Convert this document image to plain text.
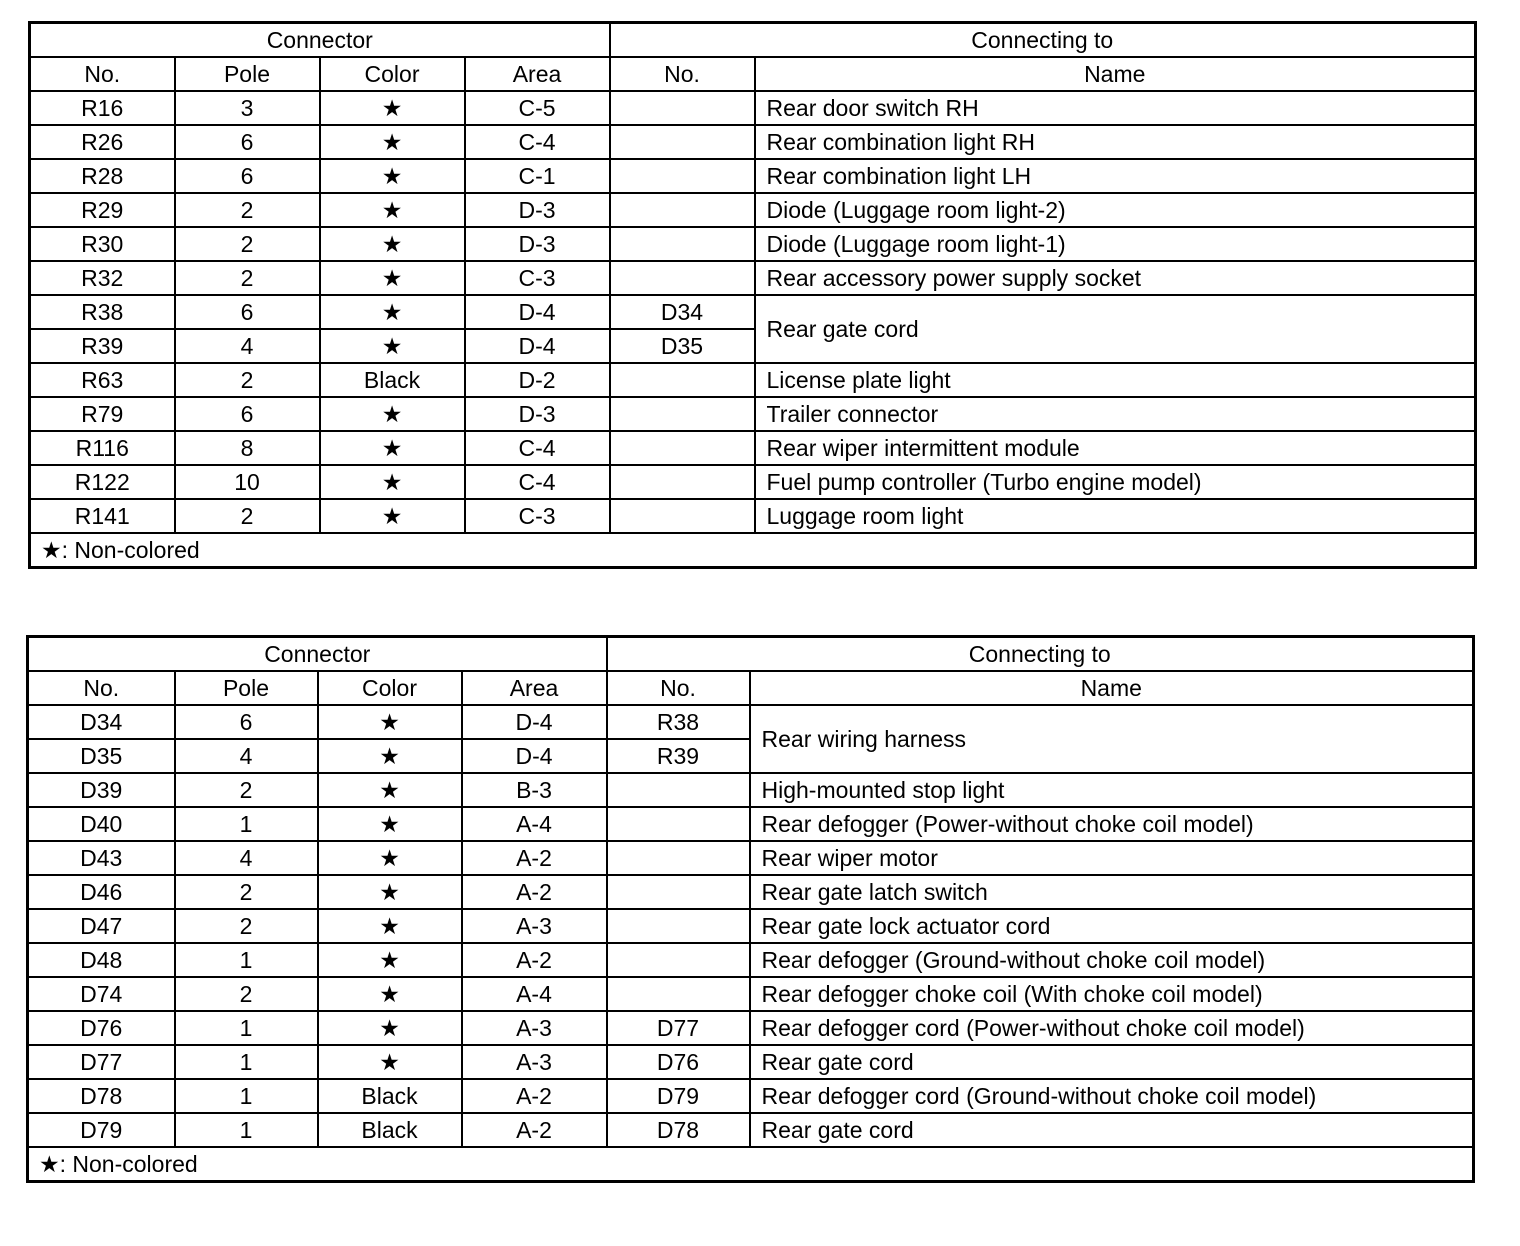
Connector				Connecting to	
No.	Pole	Color	Area	No.	Name
R16	3	★	C-5		Rear door switch RH
R26	6	★	C-4		Rear combination light RH
R28	6	★	C-1		Rear combination light LH
R29	2	★	D-3		Diode (Luggage room light-2)
R30	2	★	D-3		Diode (Luggage room light-1)
R32	2	★	C-3		Rear accessory power supply socket
R38	6	★	D-4	D34	Rear gate cord
R39	4	★	D-4	D35	
R63	2	Black	D-2		License plate light
R79	6	★	D-3		Trailer connector
R116	8	★	C-4		Rear wiper intermittent module
R122	10	★	C-4		Fuel pump controller (Turbo engine model)
R141	2	★	C-3		Luggage room light
★: Non-colored					
Connector				Connecting to	
No.	Pole	Color	Area	No.	Name
D34	6	★	D-4	R38	Rear wiring harness
D35	4	★	D-4	R39	
D39	2	★	B-3		High-mounted stop light
D40	1	★	A-4		Rear defogger (Power-without choke coil model)
D43	4	★	A-2		Rear wiper motor
D46	2	★	A-2		Rear gate latch switch
D47	2	★	A-3		Rear gate lock actuator cord
D48	1	★	A-2		Rear defogger (Ground-without choke coil model)
D74	2	★	A-4		Rear defogger choke coil (With choke coil model)
D76	1	★	A-3	D77	Rear defogger cord (Power-without choke coil model)
D77	1	★	A-3	D76	Rear gate cord
D78	1	Black	A-2	D79	Rear defogger cord (Ground-without choke coil model)
D79	1	Black	A-2	D78	Rear gate cord
★: Non-colored					
